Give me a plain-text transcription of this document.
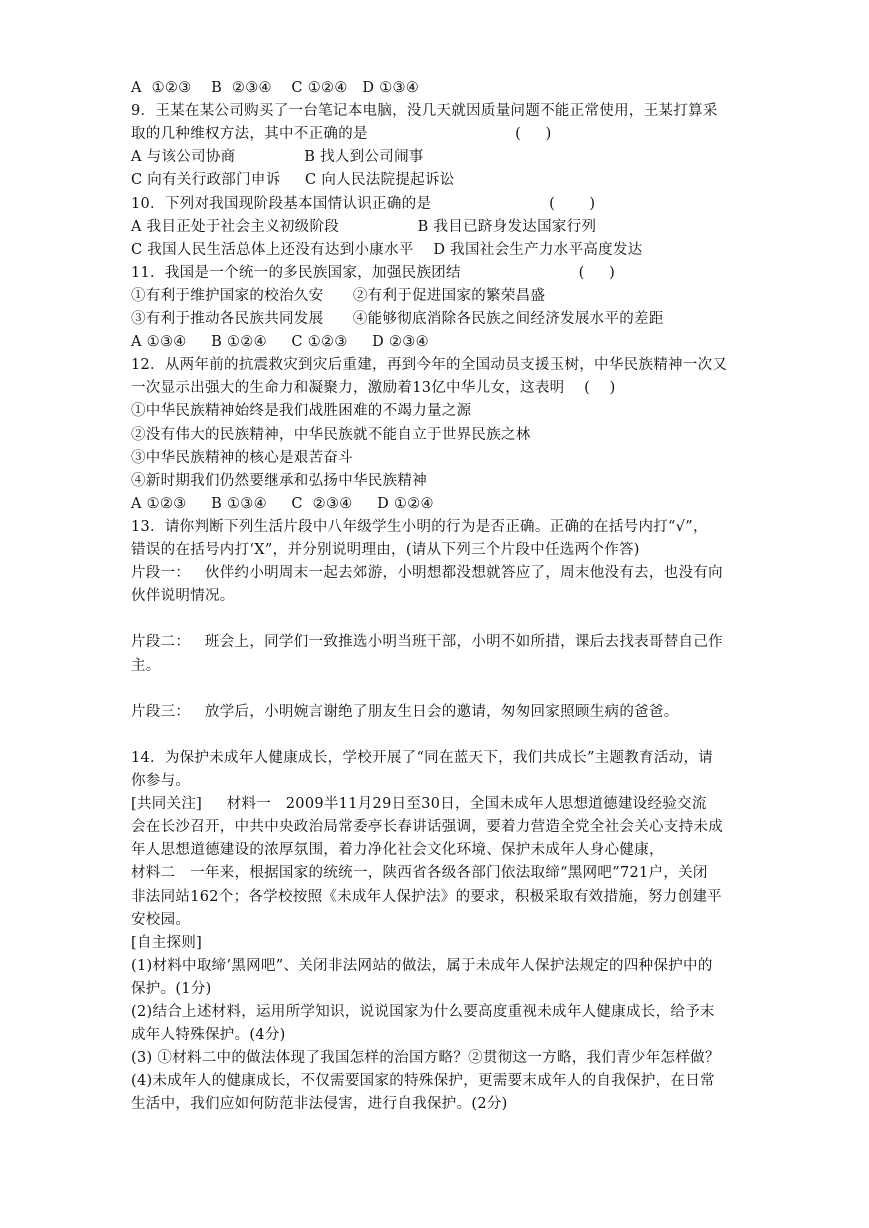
A  ①②③    B  ②③④    C ①②④   D ①③④

9．王某在某公司购买了一台笔记本电脑，没几天就因质量问题不能正常使用，王某打算采

取的几种维权方法，其中不正确的是                              (     )

A 与该公司协商              B 找人到公司闹事

C 向有关行政部门申诉     C 向人民法院提起诉讼

10．下列对我国现阶段基本国情认识正确的是                        (       )

A 我目正处于社会主义初级阶段                B 我目已跻身发达国家行列

C 我国人民生活总体上还没有达到小康水平    D 我国社会生产力水平高度发达

11．我国是一个统一的多民族国家，加强民族团结                        (     )

①有利于维护国家的校治久安      ②有利于促进国家的繁荣昌盛

③有利于推动各民族共同发展      ④能够彻底消除各民族之间经济发展水平的差距

A ①③④     B ①②④     C ①②③     D ②③④

12．从两年前的抗震救灾到灾后重建，再到今年的全国动员支援玉树，中华民族精神一次又

一次显示出强大的生命力和凝聚力，激励着13亿中华儿女，这表明    (    )

①中华民族精神始终是我们战胜困难的不竭力量之源

②没有伟大的民族精神，中华民族就不能自立于世界民族之林

③中华民族精神的核心是艰苦奋斗

④新时期我们仍然要继承和弘扬中华民族精神

A ①②③     B ①③④     C  ②③④     D ①②④

13．请你判断下列生活片段中八年级学生小明的行为是否正确。正确的在括号内打“√”，

错误的在括号内打‘X”，并分别说明理由，(请从下列三个片段中任选两个作答)

片段一：   伙伴约小明周末一起去郊游，小明想都没想就答应了，周末他没有去，也没有向

伙伴说明情况。

片段二：   班会上，同学们一致推选小明当班干部，小明不如所措，课后去找表哥替自己作

主。

片段三：   放学后，小明婉言谢绝了朋友生日会的邀请，匆匆回家照顾生病的爸爸。

14．为保护未成年人健康成长，学校开展了“同在蓝天下，我们共成长”主题教育活动，请

你参与。

[共同关注]     材料一   2009半11月29日至30日，全国未成年人思想道德建设经验交流

会在长沙召开，中共中央政治局常委亭长春讲话强调，要着力营造全党全社会关心支持未成

年人思想道德建设的浓厚氛围，着力净化社会文化环境、保护未成年人身心健康，

材料二   一年来，根据国家的统统一，陕西省各级各部门依法取缔“黑网吧”721户，关闭

非法同站162个；各学校按照《未成年人保护法》的要求，积极采取有效措施，努力创建平

安校园。

[自主探则]

(1)材料中取缔’黑网吧”、关闭非法网站的做法，属于未成年人保护法规定的四种保护中的

保护。(1分)

(2)结合上述材料，运用所学知识，说说国家为什么要高度重视未成年人健康成长，给予末

成年人特殊保护。(4分)

(3) ①材料二中的做法体现了我国怎样的治国方略？②贯彻这一方略，我们青少年怎样做？

(4)未成年人的健康成长，不仅需要国家的特殊保护，更需要末成年人的自我保护，在日常

生活中，我们应如何防范非法侵害，进行自我保护。(2分)
